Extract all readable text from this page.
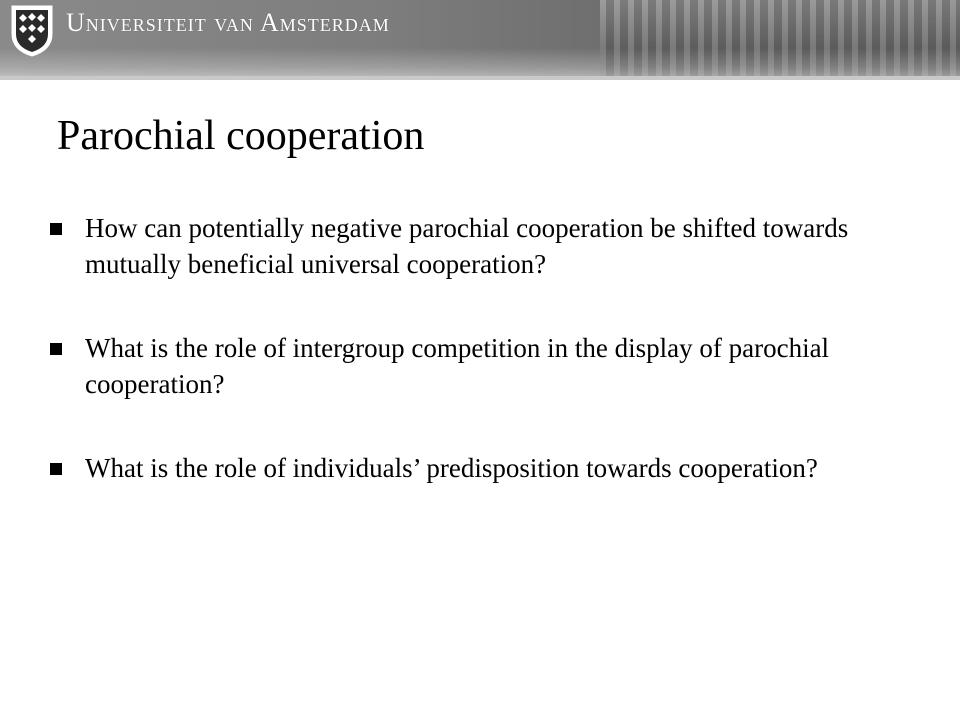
Universiteit van Amsterdam
Parochial cooperation
How can potentially negative parochial cooperation be shifted towards mutually beneficial universal cooperation?
What is the role of intergroup competition in the display of parochial cooperation?
What is the role of individuals’ predisposition towards cooperation?
